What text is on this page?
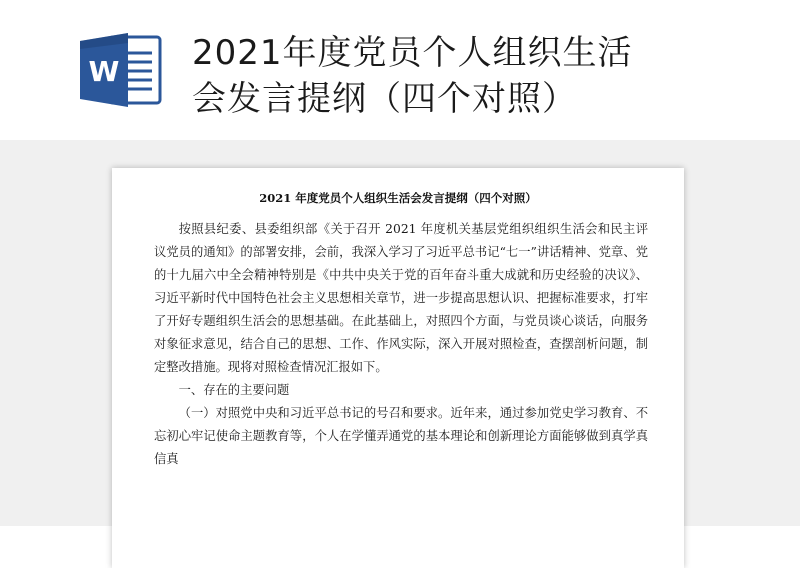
W 2021年度党员个人组织生活
会发言提纲（四个对照）
2021 年度党员个人组织生活会发言提纲（四个对照）

按照县纪委、县委组织部《关于召开 2021 年度机关基层党组织组织生活会和民主评议党员的通知》的部署安排，会前，我深入学习了习近平总书记“七一”讲话精神、党章、党的十九届六中全会精神特别是《中共中央关于党的百年奋斗重大成就和历史经验的决议》、习近平新时代中国特色社会主义思想相关章节，进一步提高思想认识、把握标准要求，打牢了开好专题组织生活会的思想基础。在此基础上，对照四个方面，与党员谈心谈话，向服务对象征求意见，结合自己的思想、工作、作风实际，深入开展对照检查，查摆剖析问题，制定整改措施。现将对照检查情况汇报如下。

一、存在的主要问题

（一）对照党中央和习近平总书记的号召和要求。近年来，通过参加党史学习教育、不忘初心牢记使命主题教育等，个人在学懂弄通党的基本理论和创新理论方面能够做到真学真信真
